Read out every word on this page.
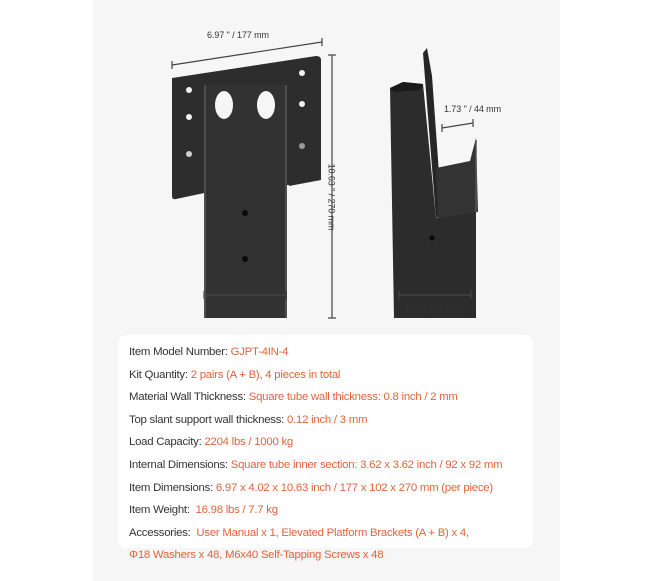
6.97 '' / 177 mm
10.63 '' / 270 mm
4.02 '' / 102 mm
1.73 '' / 44 mm
3.62 '' / 92 mm
Item Model Number: GJPT-4IN-4
Kit Quantity: 2 pairs (A + B), 4 pieces in total
Material Wall Thickness: Square tube wall thickness: 0.8 inch / 2 mm
Top slant support wall thickness: 0.12 inch / 3 mm
Load Capacity: 2204 lbs / 1000 kg
Internal Dimensions: Square tube inner section: 3.62 x 3.62 inch / 92 x 92 mm
Item Dimensions: 6.97 x 4.02 x 10.63 inch / 177 x 102 x 270 mm (per piece)
Item Weight:  16.98 lbs / 7.7 kg
Accessories:  User Manual x 1, Elevated Platform Brackets (A + B) x 4,
Φ18 Washers x 48, M6x40 Self-Tapping Screws x 48
